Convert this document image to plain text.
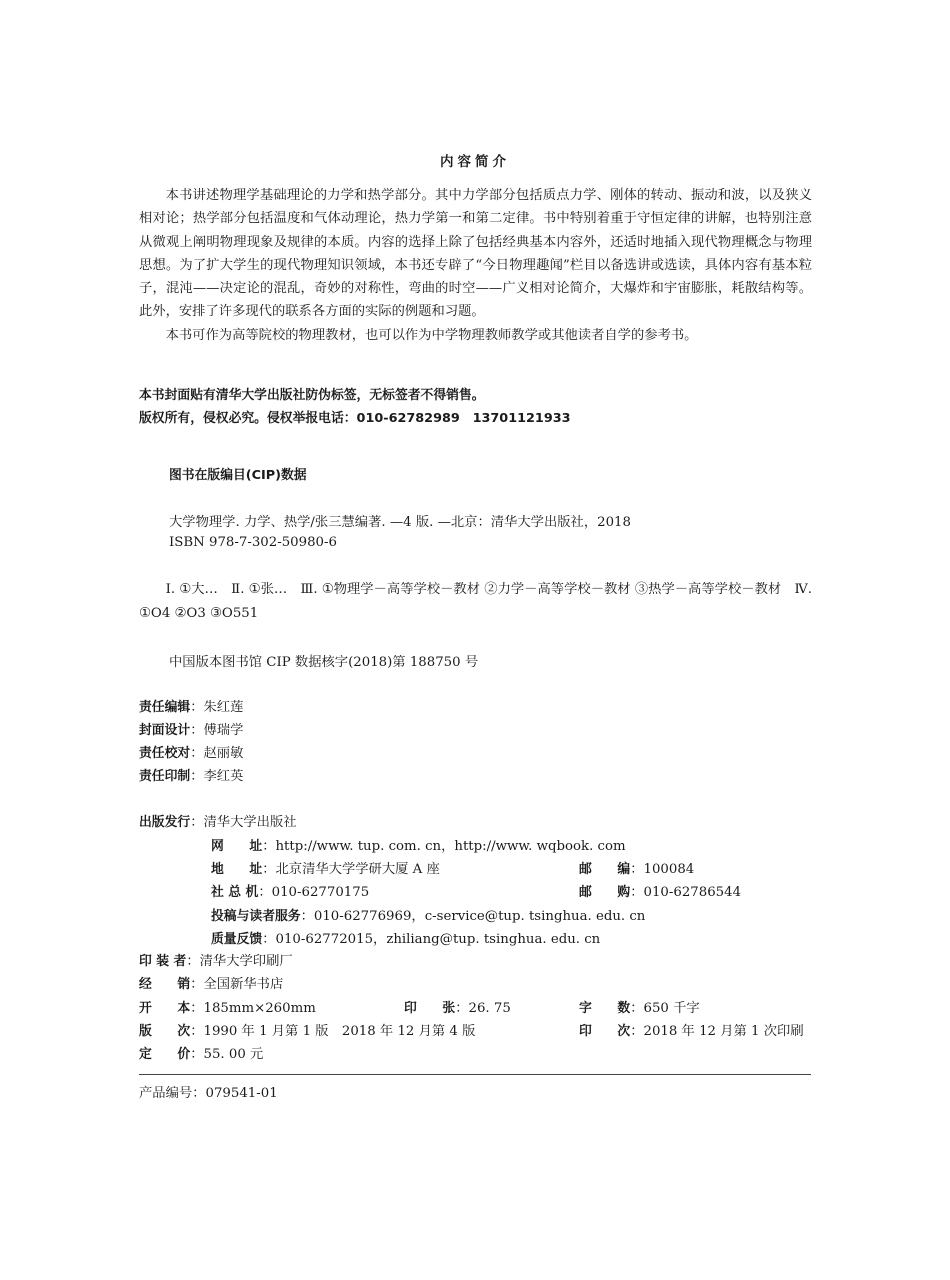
内容简介

本书讲述物理学基础理论的力学和热学部分。其中力学部分包括质点力学、刚体的转动、振动和波，以及狭义相对论；热学部分包括温度和气体动理论，热力学第一和第二定律。书中特别着重于守恒定律的讲解，也特别注意从微观上阐明物理现象及规律的本质。内容的选择上除了包括经典基本内容外，还适时地插入现代物理概念与物理思想。为了扩大学生的现代物理知识领域，本书还专辟了“今日物理趣闻”栏目以备选讲或选读，具体内容有基本粒子，混沌——决定论的混乱，奇妙的对称性，弯曲的时空——广义相对论简介，大爆炸和宇宙膨胀，耗散结构等。此外，安排了许多现代的联系各方面的实际的例题和习题。

本书可作为高等院校的物理教材，也可以作为中学物理教师教学或其他读者自学的参考书。

本书封面贴有清华大学出版社防伪标签，无标签者不得销售。
版权所有，侵权必究。侵权举报电话：010-62782989　13701121933
图书在版编目(CIP)数据
大学物理学. 力学、热学/张三慧编著. —4 版. —北京：清华大学出版社，2018
ISBN 978-7-302-50980-6

Ⅰ. ①大…　Ⅱ. ①张…　Ⅲ. ①物理学－高等学校－教材 ②力学－高等学校－教材 ③热学－高等学校－教材　Ⅳ. ①O4 ②O3 ③O551

中国版本图书馆 CIP 数据核字(2018)第 188750 号
责任编辑：朱红莲
封面设计：傅瑞学
责任校对：赵丽敏
责任印制：李红英
出版发行：清华大学出版社
网　　址：http://www. tup. com. cn，http://www. wqbook. com
地　　址：北京清华大学学研大厦 A 座	邮　　编：100084
社 总 机：010-62770175	邮　　购：010-62786544
投稿与读者服务：010-62776969，c-service@tup. tsinghua. edu. cn
质量反馈：010-62772015，zhiliang@tup. tsinghua. edu. cn
印 装 者：清华大学印刷厂
经　　销：全国新华书店
开　　本：185mm×260mm	印　　张：26. 75	字　　数：650 千字
版　　次：1990 年 1 月第 1 版　2018 年 12 月第 4 版	印　　次：2018 年 12 月第 1 次印刷
定　　价：55. 00 元
产品编号：079541-01
